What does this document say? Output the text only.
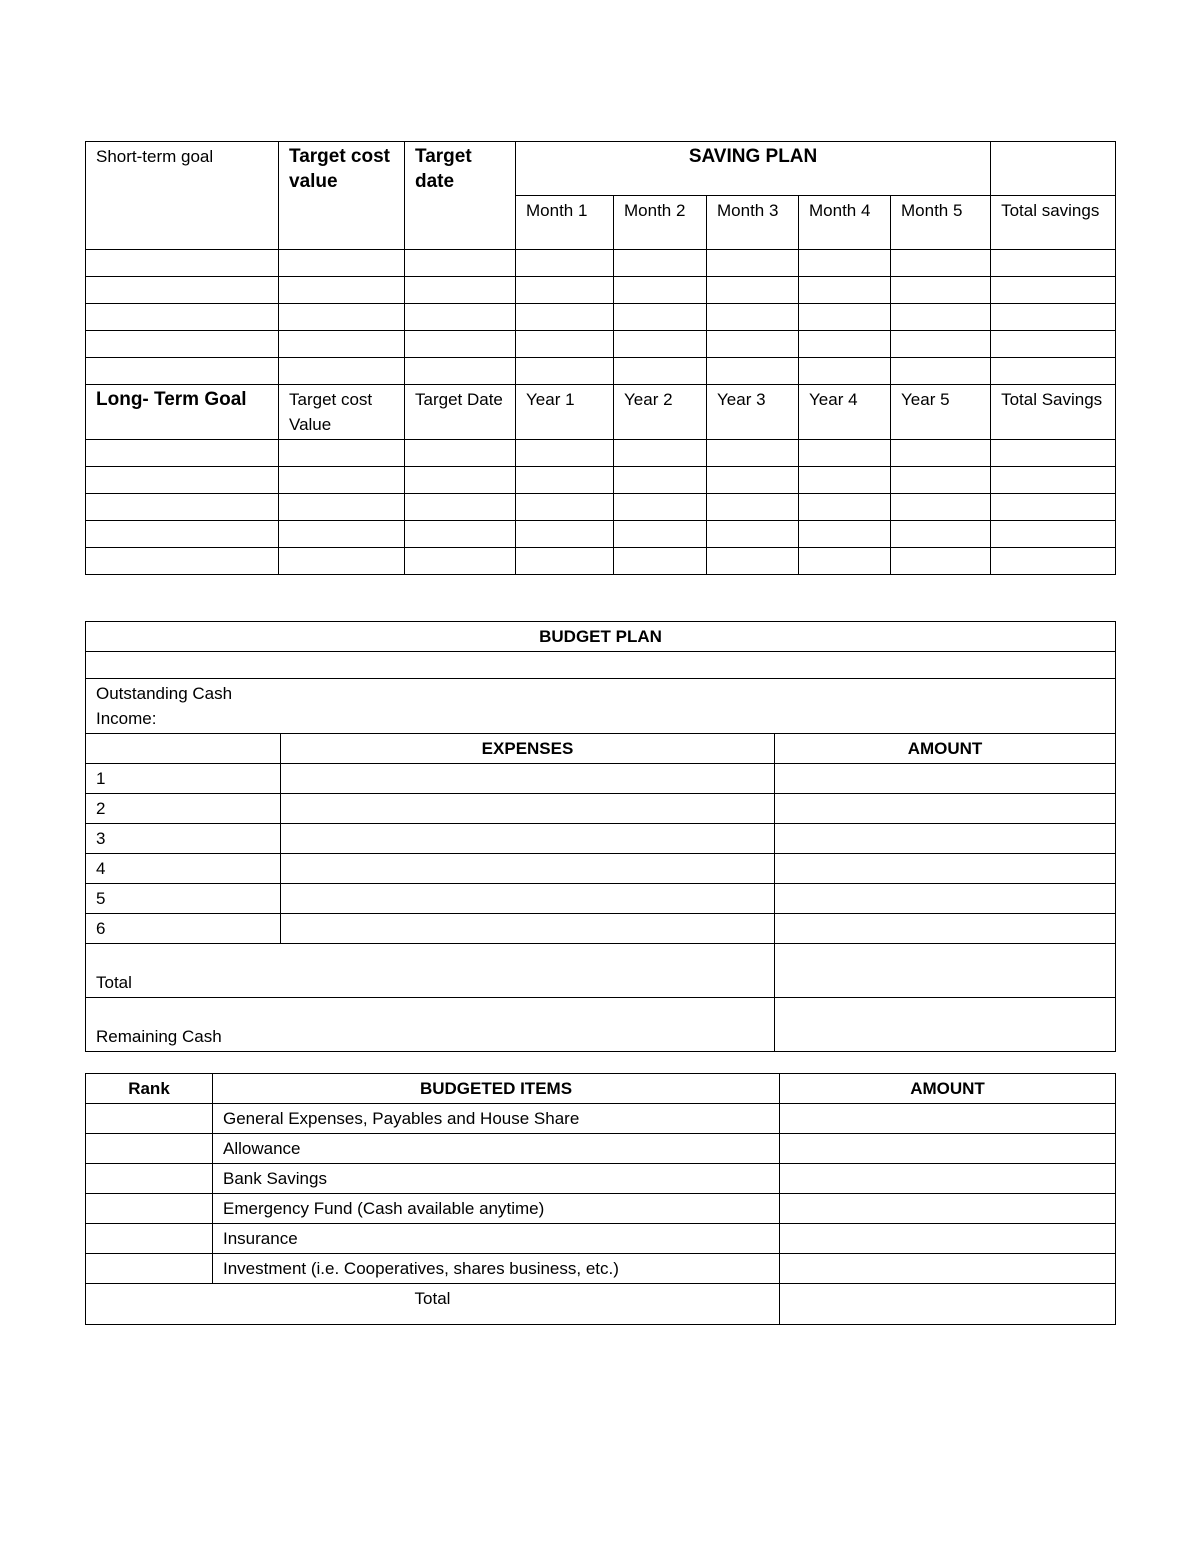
Short-term goal	Target cost value	Target date	SAVING PLAN					
			Month 1	Month 2	Month 3	Month 4	Month 5	Total savings

Long- Term Goal	Target cost Value	Target Date	Year 1	Year 2	Year 3	Year 4	Year 5	Total Savings

BUDGET PLAN		

Outstanding Cash
Income:		
	EXPENSES	AMOUNT
1		
2		
3		
4		
5		
6		
Total		
Remaining Cash		
Rank	BUDGETED ITEMS	AMOUNT
	General Expenses, Payables and House Share	
	Allowance	
	Bank Savings	
	Emergency Fund (Cash available anytime)	
	Insurance	
	Investment (i.e. Cooperatives, shares business, etc.)	
Total		
